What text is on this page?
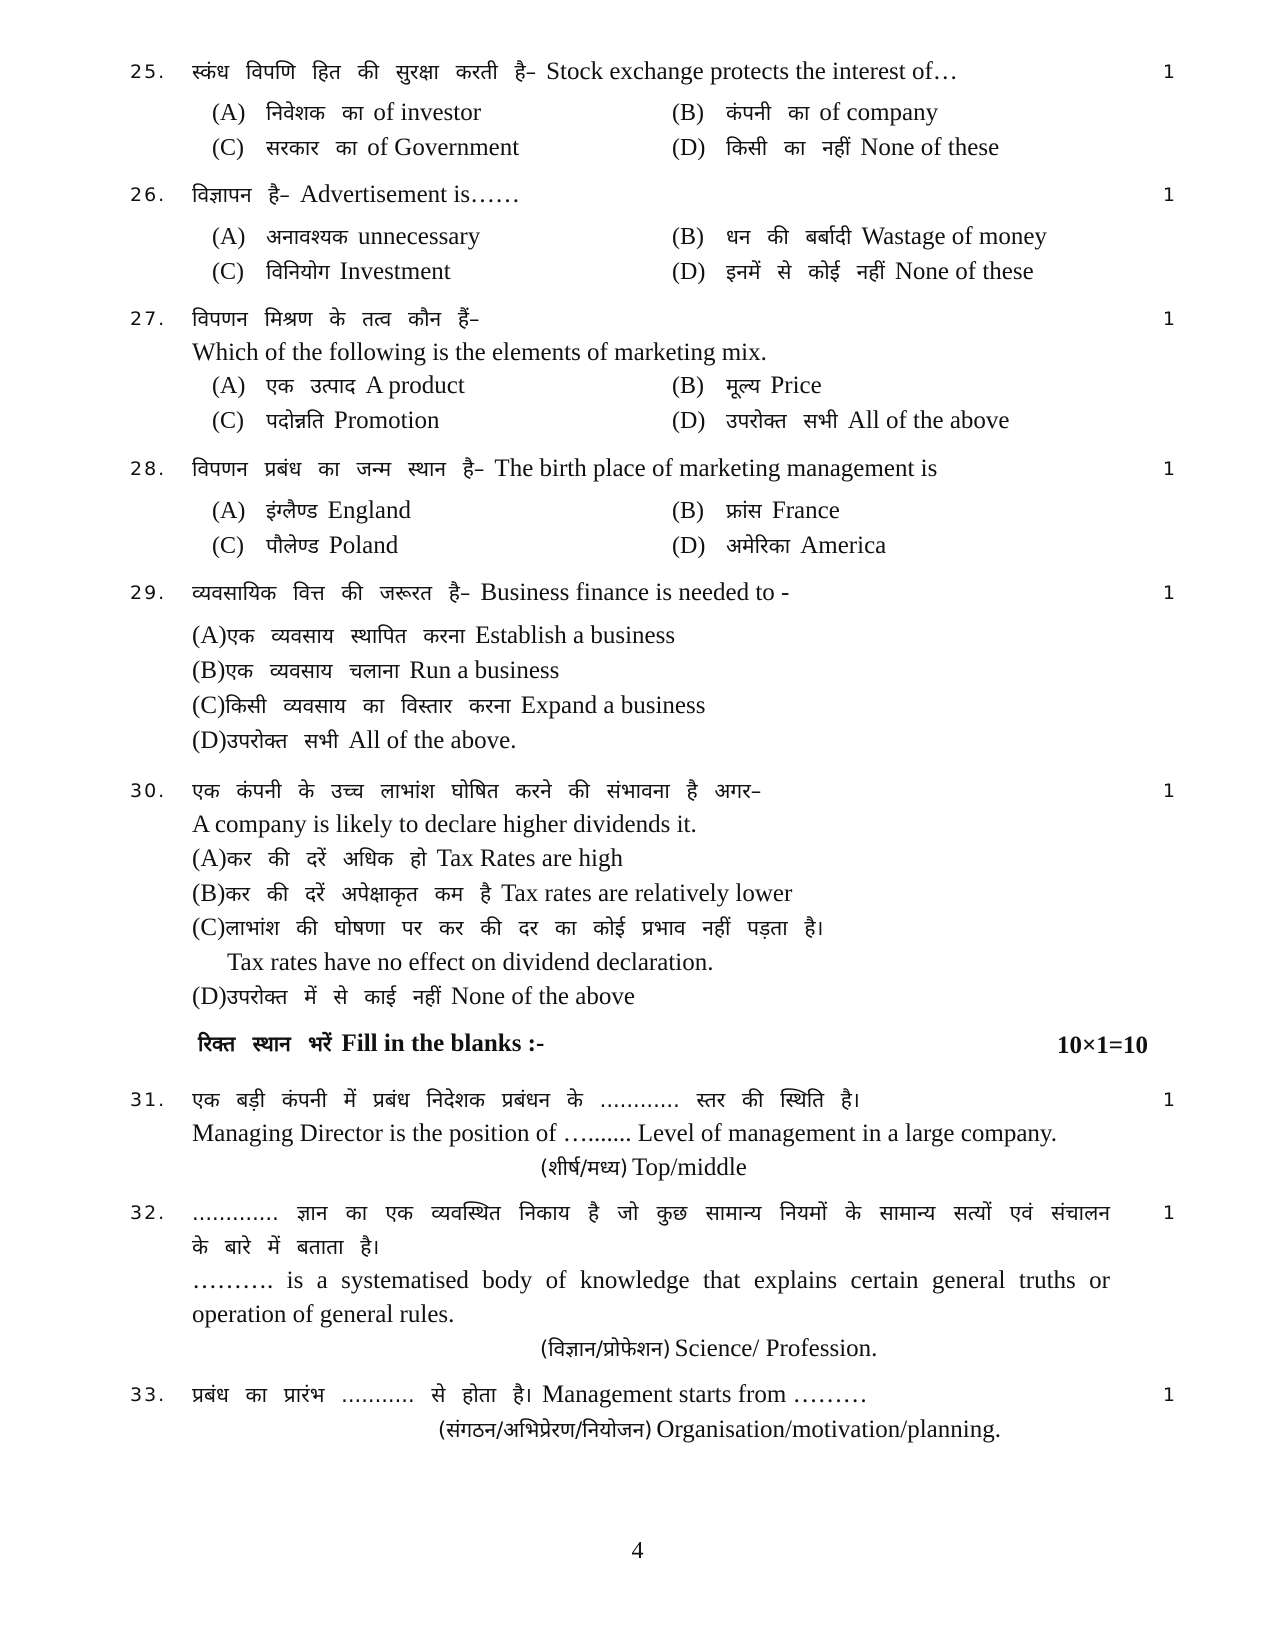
25. स्कंध विपणि हित की सुरक्षा करती है– Stock exchange protects the interest of…	1
(A) निवेशक का of investor	(B) कंपनी का of company
(C) सरकार का of Government	(D) किसी का नहीं None of these
26. विज्ञापन है– Advertisement is……	1
(A) अनावश्यक unnecessary	(B) धन की बर्बादी Wastage of money
(C) विनियोग Investment	(D) इनमें से कोई नहीं None of these
27. विपणन मिश्रण के तत्व कौन हैं–
Which of the following is the elements of marketing mix.
1
(A) एक उत्पाद A product	(B) मूल्य Price
(C) पदोन्नति Promotion	(D) उपरोक्त सभी All of the above
28. विपणन प्रबंध का जन्म स्थान है– The birth place of marketing management is	1
(A) इंग्लैण्ड England	(B) फ्रांस France
(C) पौलेण्ड Poland	(D) अमेरिका America
29. व्यवसायिक वित्त की जरूरत है– Business finance is needed to -	1
(A)एक व्यवसाय स्थापित करना Establish a business
(B)एक व्यवसाय चलाना Run a business
(C)किसी व्यवसाय का विस्तार करना Expand a business
(D)उपरोक्त सभी All of the above.
30. एक कंपनी के उच्च लाभांश घोषित करने की संभावना है अगर–
A company is likely to declare higher dividends it.
1
(A)कर की दरें अधिक हो Tax Rates are high
(B)कर की दरें अपेक्षाकृत कम है Tax rates are relatively lower
(C)लाभांश की घोषणा पर कर की दर का कोई प्रभाव नहीं पड़ता है।
Tax rates have no effect on dividend declaration.
(D)उपरोक्त में से काई नहीं None of the above
रिक्त स्थान भरें Fill in the blanks :-	10×1=10
31. एक बड़ी कंपनी में प्रबंध निदेशक प्रबंधन के ............ स्तर की स्थिति है।
Managing Director is the position of …....... Level of management in a large company.
1
(शीर्ष/मध्य) Top/middle
32. ............. ज्ञान का एक व्यवस्थित निकाय है जो कुछ सामान्य नियमों के सामान्य सत्यों एवं संचालन के बारे में बताता है।
………. is a systematised body of knowledge that explains certain general truths or operation of general rules.
1
(विज्ञान/प्रोफेशन) Science/ Profession.
33. प्रबंध का प्रारंभ ........... से होता है। Management starts from ………	1
(संगठन/अभिप्रेरण/नियोजन) Organisation/motivation/planning.
4
